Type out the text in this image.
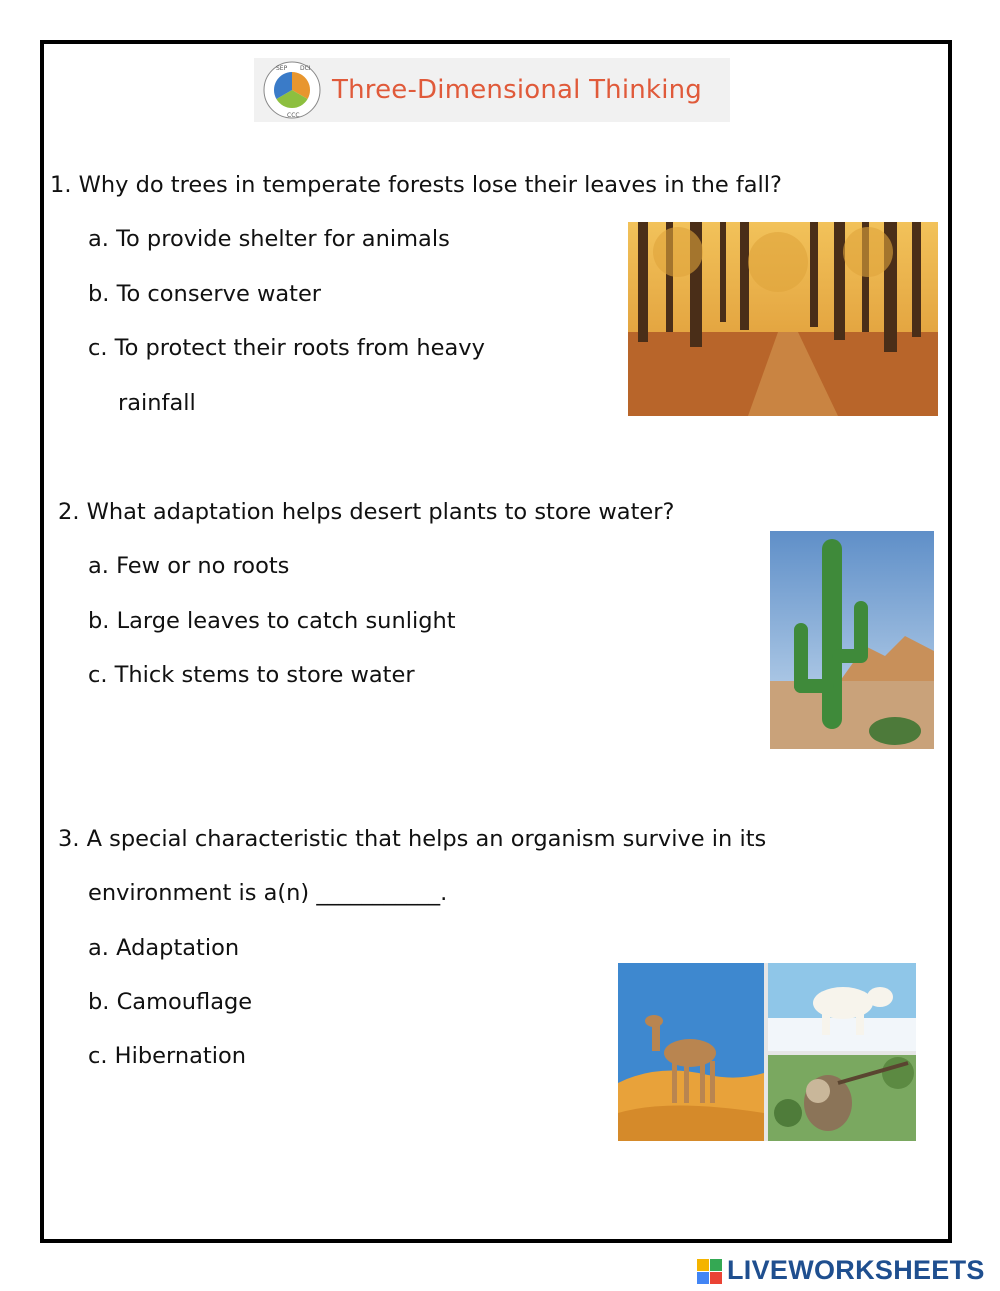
SEP DCI
CCC
Three-Dimensional Thinking
1. Why do trees in temperate forests lose their leaves in the fall?
a. To provide shelter for animals
b. To conserve water
c. To protect their roots from heavy
rainfall
2. What adaptation helps desert plants to store water?
a. Few or no roots
b. Large leaves to catch sunlight
c. Thick stems to store water
3. A special characteristic that helps an organism survive in its
environment is a(n) ___________.
a. Adaptation
b. Camouflage
c. Hibernation
LIVEWORKSHEETS
